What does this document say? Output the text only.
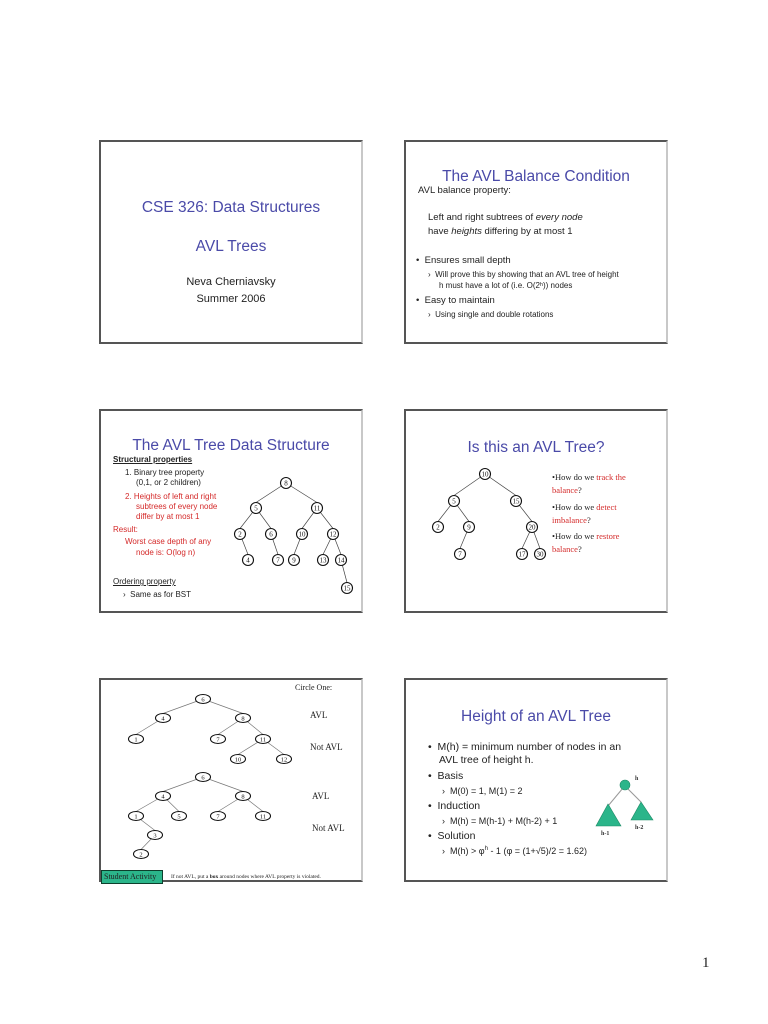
CSE 326: Data Structures
AVL Trees
Neva Cherniavsky
Summer 2006
The AVL Balance Condition
AVL balance property:
Left and right subtrees of every node
have heights differing by at most 1
•  Ensures small depth
›  Will prove this by showing that an AVL tree of height
h must have a lot of (i.e. O(2ʰ)) nodes
•  Easy to maintain
›  Using single and double rotations
The AVL Tree Data Structure
Structural properties
1. Binary tree property
(0,1, or 2 children)
2. Heights of left and right
subtrees of every node
differ by at most 1
Result:
Worst case depth of any
node is: O(log n)
Ordering property
›  Same as for BST
8
5	11
2	6	10	12
4	7 9	13 14
15
Is this an AVL Tree?
10
5	15
2	9	20
7	17 30
•How do we track the
balance?
•How do we detect
imbalance?
•How do we restore
balance?
6
4	8
1	7	11
10	12
6
4	8
1	5	7	11
3
2
Circle One:
AVL
Not AVL
AVL
Not AVL
Student Activity	If not AVL, put a box around nodes where AVL property is violated.
Height of an AVL Tree
•  M(h) = minimum number of nodes in an
AVL tree of height h.
•  Basis
›  M(0) = 1, M(1) = 2
•  Induction
›  M(h) = M(h-1) + M(h-2) + 1
•  Solution
›  $M(h) > \varphi^h - 1$ (φ = (1+√5)/2 = 1.62)
h
h-1
h-2
1
